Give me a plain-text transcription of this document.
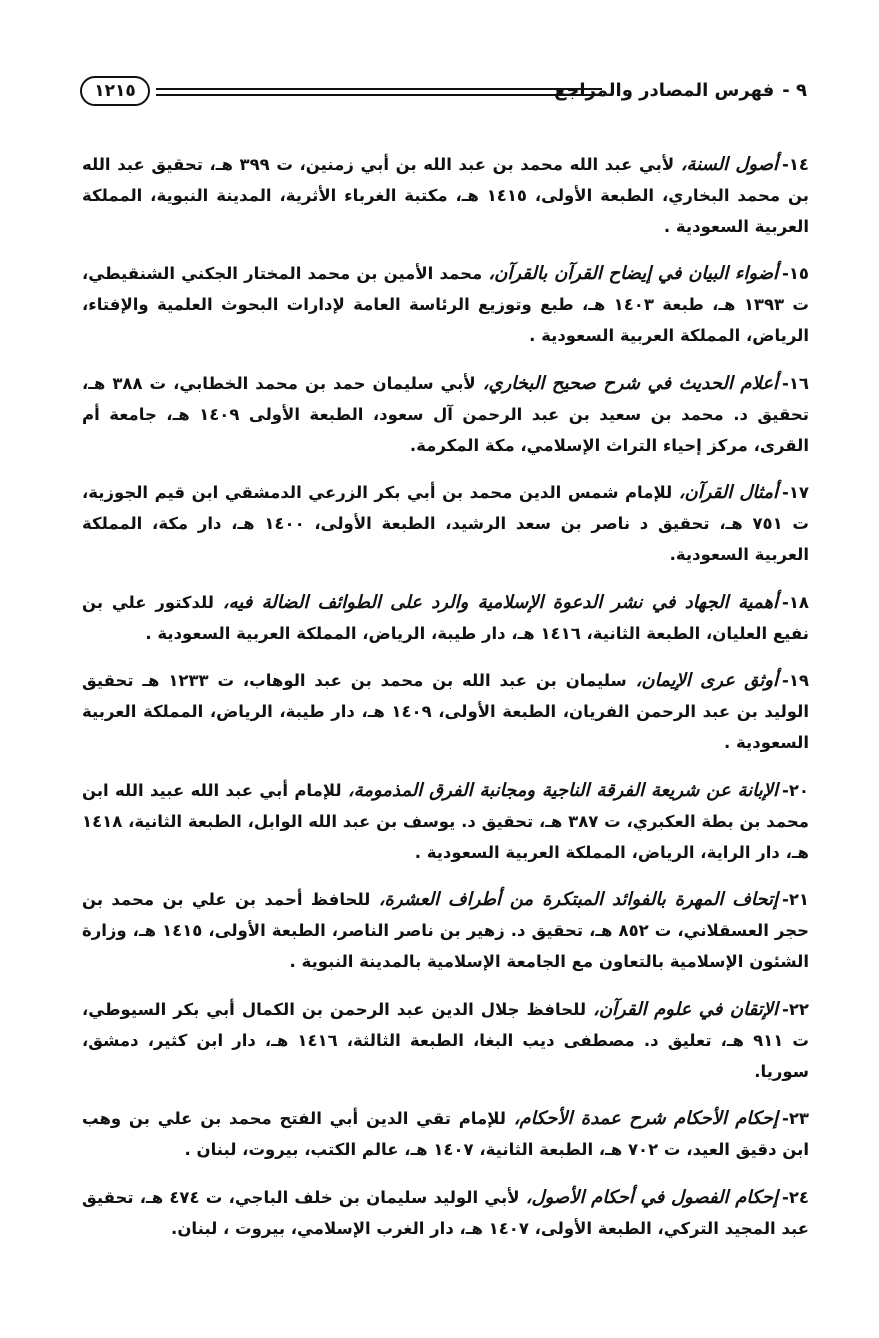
٩ -فهرس المصادر والمراجع
١٢١٥

١٤-أصول السنة، لأبي عبد الله محمد بن عبد الله بن أبي زمنين، ت ٣٩٩ هـ، تحقيق عبد الله بن محمد البخاري، الطبعة الأولى، ١٤١٥ هـ، مكتبة الغرباء الأثرية، المدينة النبوية، المملكة العربية السعودية .

١٥-أضواء البيان في إيضاح القرآن بالقرآن، محمد الأمين بن محمد المختار الجكني الشنقيطي، ت ١٣٩٣ هـ، طبعة ١٤٠٣ هـ، طبع وتوزيع الرئاسة العامة لإدارات البحوث العلمية والإفتاء، الرياض، المملكة العربية السعودية .

١٦-أعلام الحديث في شرح صحيح البخاري، لأبي سليمان حمد بن محمد الخطابي، ت ٣٨٨ هـ، تحقيق د. محمد بن سعيد بن عبد الرحمن آل سعود، الطبعة الأولى ١٤٠٩ هـ، جامعة أم القرى، مركز إحياء التراث الإسلامي، مكة المكرمة.

١٧-أمثال القرآن، للإمام شمس الدين محمد بن أبي بكر الزرعي الدمشقي ابن قيم الجوزية، ت ٧٥١ هـ، تحقيق د ناصر بن سعد الرشيد، الطبعة الأولى، ١٤٠٠ هـ، دار مكة، المملكة العربية السعودية.

١٨-أهمية الجهاد في نشر الدعوة الإسلامية والرد على الطوائف الضالة فيه، للدكتور علي بن نفيع العليان، الطبعة الثانية، ١٤١٦ هـ، دار طيبة، الرياض، المملكة العربية السعودية .

١٩-أوثق عرى الإيمان، سليمان بن عبد الله بن محمد بن عبد الوهاب، ت ١٢٣٣ هـ تحقيق الوليد بن عبد الرحمن الفريان، الطبعة الأولى، ١٤٠٩ هـ، دار طيبة، الرياض، المملكة العربية السعودية .

٢٠-الإبانة عن شريعة الفرقة الناجية ومجانبة الفرق المذمومة، للإمام أبي عبد الله عبيد الله ابن محمد بن بطة العكبري، ت ٣٨٧ هـ، تحقيق د. يوسف بن عبد الله الوابل، الطبعة الثانية، ١٤١٨ هـ، دار الراية، الرياض، المملكة العربية السعودية .

٢١-إتحاف المهرة بالفوائد المبتكرة من أطراف العشرة، للحافظ أحمد بن علي بن محمد بن حجر العسقلاني، ت ٨٥٢ هـ، تحقيق د. زهير بن ناصر الناصر، الطبعة الأولى، ١٤١٥ هـ، وزارة الشئون الإسلامية بالتعاون مع الجامعة الإسلامية بالمدينة النبوية .

٢٢-الإتقان في علوم القرآن، للحافظ جلال الدين عبد الرحمن بن الكمال أبي بكر السيوطي، ت ٩١١ هـ، تعليق د. مصطفى ديب البغا، الطبعة الثالثة، ١٤١٦ هـ، دار ابن كثير، دمشق، سوريا.

٢٣-إحكام الأحكام شرح عمدة الأحكام، للإمام تقي الدين أبي الفتح محمد بن علي بن وهب ابن دقيق العيد، ت ٧٠٢ هـ، الطبعة الثانية، ١٤٠٧ هـ، عالم الكتب، بيروت، لبنان .

٢٤-إحكام الفصول في أحكام الأصول، لأبي الوليد سليمان بن خلف الباجي، ت ٤٧٤ هـ، تحقيق عبد المجيد التركي، الطبعة الأولى، ١٤٠٧ هـ، دار الغرب الإسلامي، بيروت ، لبنان.
